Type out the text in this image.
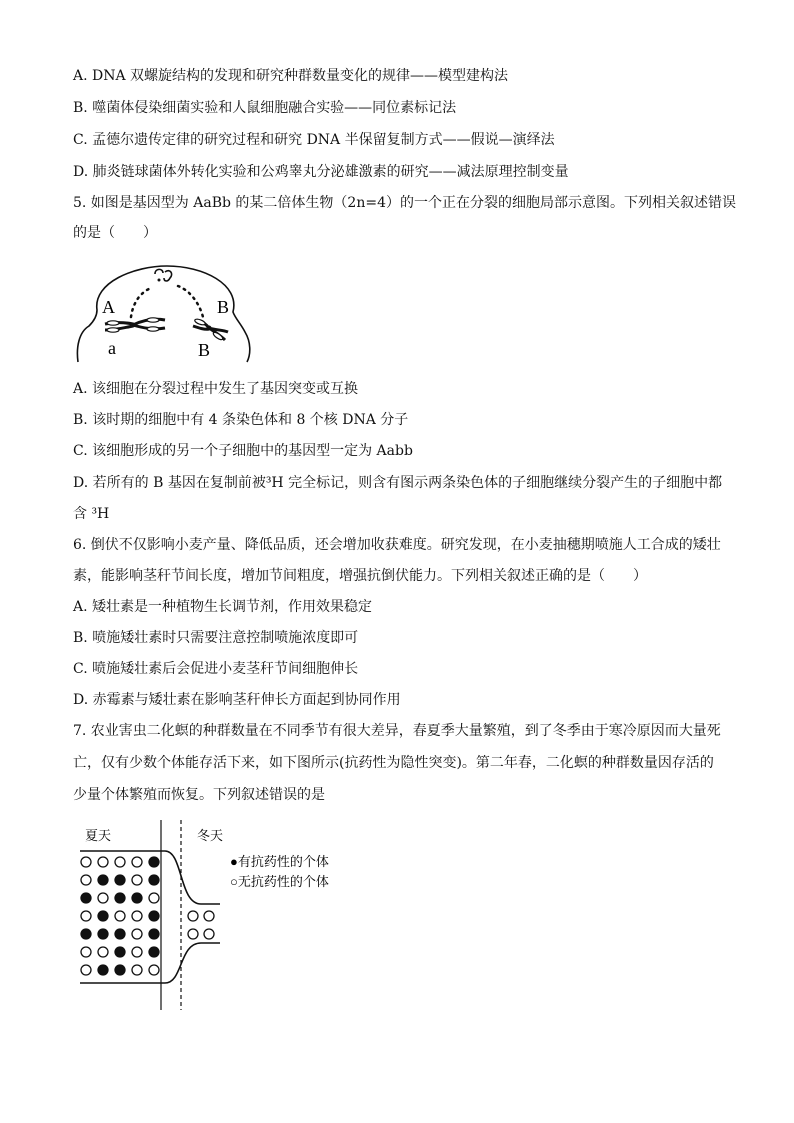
A. DNA 双螺旋结构的发现和研究种群数量变化的规律——模型建构法
B. 噬菌体侵染细菌实验和人鼠细胞融合实验——同位素标记法
C. 孟德尔遗传定律的研究过程和研究 DNA 半保留复制方式——假说—演绎法
D. 肺炎链球菌体外转化实验和公鸡睾丸分泌雄激素的研究——减法原理控制变量
5. 如图是基因型为 AaBb 的某二倍体生物（2n=4）的一个正在分裂的细胞局部示意图。下列相关叙述错误
的是（　　）
A
a
B
B
A. 该细胞在分裂过程中发生了基因突变或互换
B. 该时期的细胞中有 4 条染色体和 8 个核 DNA 分子
C. 该细胞形成的另一个子细胞中的基因型一定为 Aabb
D. 若所有的 B 基因在复制前被³H 完全标记，则含有图示两条染色体的子细胞继续分裂产生的子细胞中都
含 ³H
6. 倒伏不仅影响小麦产量、降低品质，还会增加收获难度。研究发现，在小麦抽穗期喷施人工合成的矮壮
素，能影响茎秆节间长度，增加节间粗度，增强抗倒伏能力。下列相关叙述正确的是（　　）
A. 矮壮素是一种植物生长调节剂，作用效果稳定
B. 喷施矮壮素时只需要注意控制喷施浓度即可
C. 喷施矮壮素后会促进小麦茎秆节间细胞伸长
D. 赤霉素与矮壮素在影响茎秆伸长方面起到协同作用
7. 农业害虫二化螟的种群数量在不同季节有很大差异，春夏季大量繁殖，到了冬季由于寒冷原因而大量死
亡，仅有少数个体能存活下来，如下图所示(抗药性为隐性突变)。第二年春，二化螟的种群数量因存活的
少量个体繁殖而恢复。下列叙述错误的是
夏天	冬天
●有抗药性的个体
○无抗药性的个体
